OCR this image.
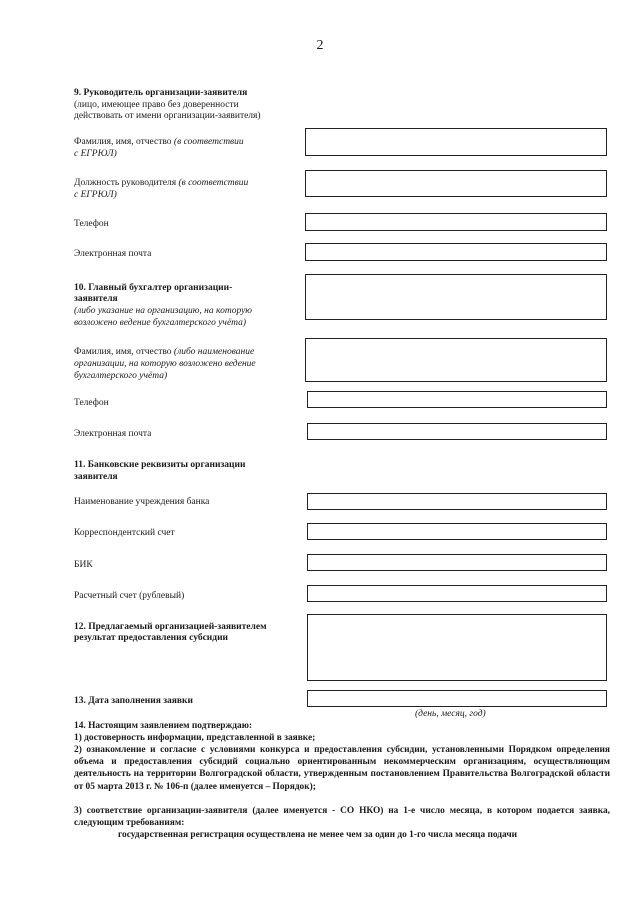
2
9. Руководитель организации-заявителя
(лицо, имеющее право без доверенности
действовать от имени организации-заявителя)
Фамилия, имя, отчество (в соответствии
с ЕГРЮЛ)
Должность руководителя (в соответствии
с ЕГРЮЛ)
Телефон
Электронная почта
10. Главный бухгалтер организации-
заявителя
(либо указание на организацию, на которую
возложено ведение бухгалтерского учёта)
Фамилия, имя, отчество (либо наименование
организации, на которую возложено ведение
бухгалтерского учёта)
Телефон
Электронная почта
11. Банковские реквизиты организации
заявителя
Наименование учреждения банка
Корреспондентский счет
БИК
Расчетный счет (рублевый)
12. Предлагаемый организацией-заявителем
результат предоставления субсидии
13. Дата заполнения заявки
(день, месяц, год)
14. Настоящим заявлением подтверждаю:
1) достоверность информации, представленной в заявке;
2) ознакомление и согласие с условиями конкурса и предоставления субсидии, установленными Порядком определения объема и предоставления субсидий социально ориентированным некоммерческим организациям, осуществляющим деятельность на территории Волгоградской области, утвержденным постановлением Правительства Волгоградской области от 05 марта 2013 г. № 106-п (далее именуется – Порядок);
3) соответствие организации-заявителя (далее именуется - СО НКО) на 1-е число месяца, в котором подается заявка, следующим требованиям:
государственная регистрация осуществлена не менее чем за один до 1-го числа месяца подачи
